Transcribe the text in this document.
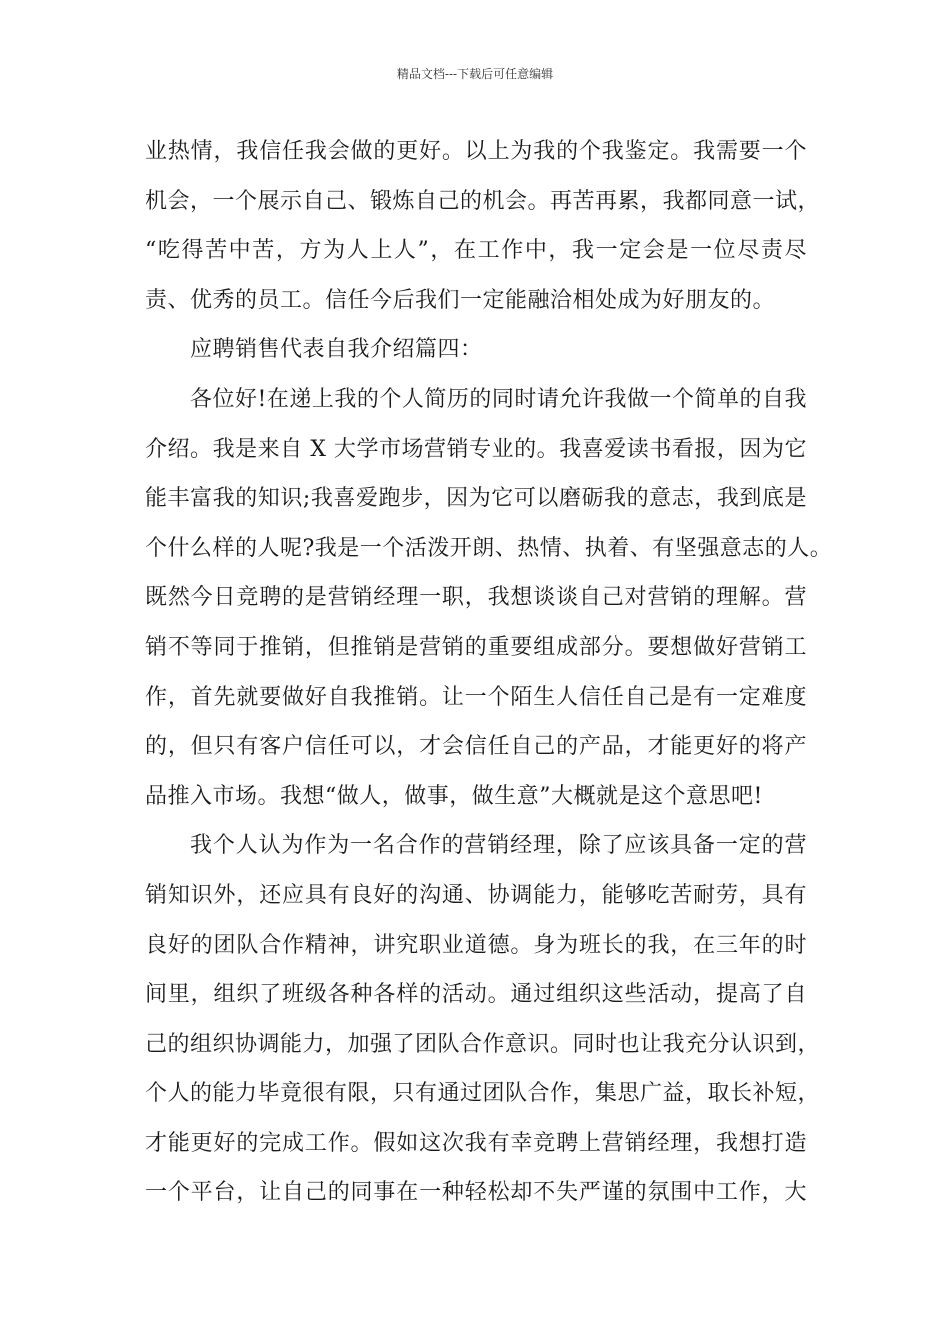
精品文档---下载后可任意编辑
业热情，我信任我会做的更好。以上为我的个我鉴定。我需要一个
机会，一个展示自己、锻炼自己的机会。再苦再累，我都同意一试，
“吃得苦中苦，方为人上人”，在工作中，我一定会是一位尽责尽
责、优秀的员工。信任今后我们一定能融洽相处成为好朋友的。
应聘销售代表自我介绍篇四：
各位好!在递上我的个人简历的同时请允许我做一个简单的自我
介绍。我是来自 X 大学市场营销专业的。我喜爱读书看报，因为它
能丰富我的知识;我喜爱跑步，因为它可以磨砺我的意志，我到底是
个什么样的人呢?我是一个活泼开朗、热情、执着、有坚强意志的人。
既然今日竞聘的是营销经理一职，我想谈谈自己对营销的理解。营
销不等同于推销，但推销是营销的重要组成部分。要想做好营销工
作，首先就要做好自我推销。让一个陌生人信任自己是有一定难度
的，但只有客户信任可以，才会信任自己的产品，才能更好的将产
品推入市场。我想“做人，做事，做生意”大概就是这个意思吧!
我个人认为作为一名合作的营销经理，除了应该具备一定的营
销知识外，还应具有良好的沟通、协调能力，能够吃苦耐劳，具有
良好的团队合作精神，讲究职业道德。身为班长的我，在三年的时
间里，组织了班级各种各样的活动。通过组织这些活动，提高了自
己的组织协调能力，加强了团队合作意识。同时也让我充分认识到，
个人的能力毕竟很有限，只有通过团队合作，集思广益，取长补短，
才能更好的完成工作。假如这次我有幸竞聘上营销经理，我想打造
一个平台，让自己的同事在一种轻松却不失严谨的氛围中工作，大
